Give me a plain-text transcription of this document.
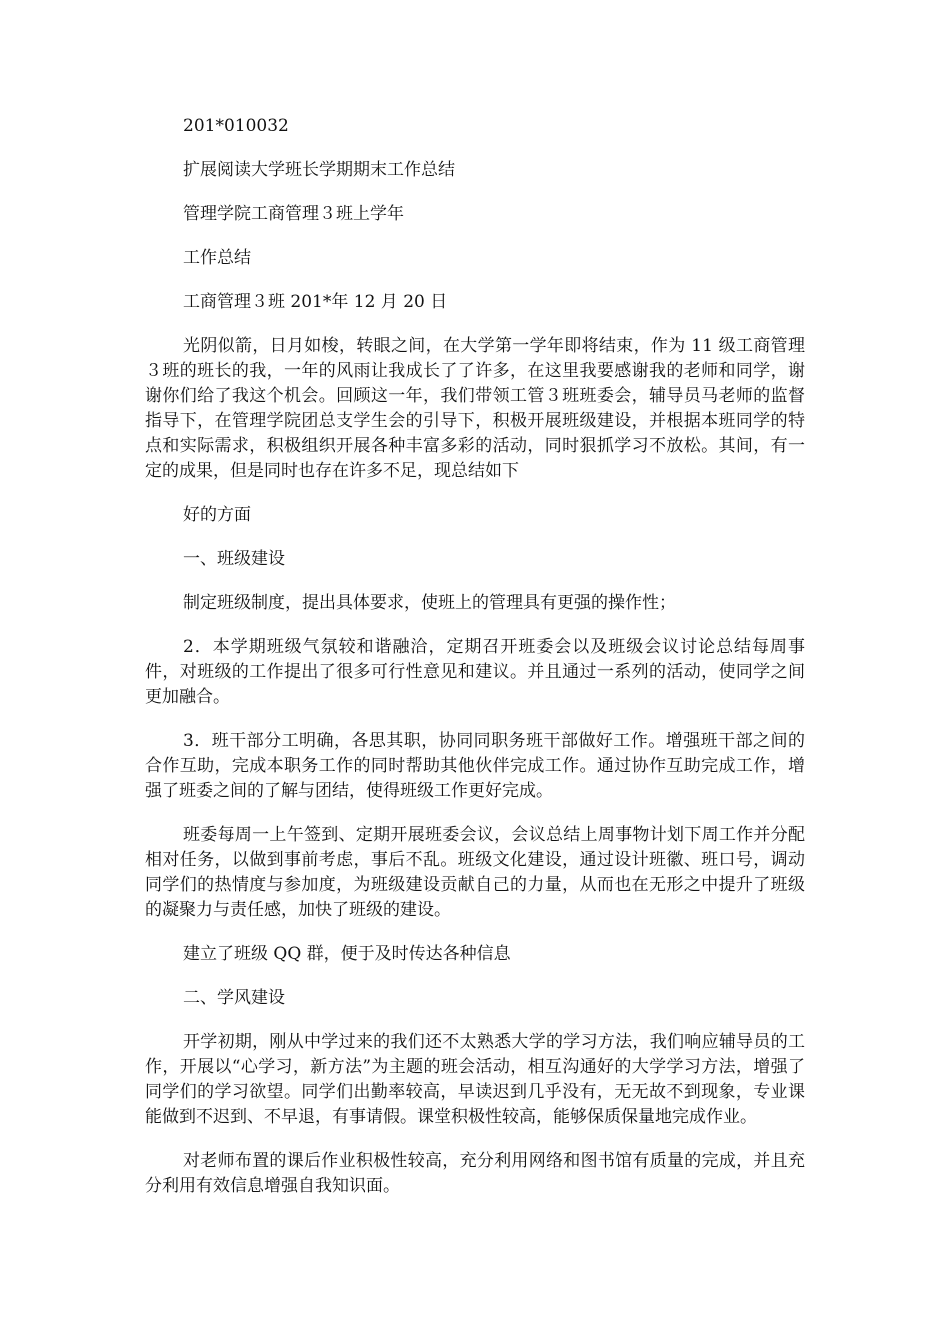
201*010032

扩展阅读大学班长学期期末工作总结

管理学院工商管理３班上学年

工作总结

工商管理３班 201*年 12 月 20 日

光阴似箭，日月如梭，转眼之间，在大学第一学年即将结束，作为 11 级工商管理３班的班长的我，一年的风雨让我成长了了许多，在这里我要感谢我的老师和同学，谢谢你们给了我这个机会。回顾这一年，我们带领工管３班班委会，辅导员马老师的监督指导下，在管理学院团总支学生会的引导下，积极开展班级建设，并根据本班同学的特点和实际需求，积极组织开展各种丰富多彩的活动，同时狠抓学习不放松。其间，有一定的成果，但是同时也存在许多不足，现总结如下

好的方面

一、班级建设

制定班级制度，提出具体要求，使班上的管理具有更强的操作性；

2．本学期班级气氛较和谐融洽，定期召开班委会以及班级会议讨论总结每周事件，对班级的工作提出了很多可行性意见和建议。并且通过一系列的活动，使同学之间更加融合。

3．班干部分工明确，各思其职，协同同职务班干部做好工作。增强班干部之间的合作互助，完成本职务工作的同时帮助其他伙伴完成工作。通过协作互助完成工作，增强了班委之间的了解与团结，使得班级工作更好完成。

班委每周一上午签到、定期开展班委会议，会议总结上周事物计划下周工作并分配相对任务，以做到事前考虑，事后不乱。班级文化建设，通过设计班徽、班口号，调动同学们的热情度与参加度，为班级建设贡献自己的力量，从而也在无形之中提升了班级的凝聚力与责任感，加快了班级的建设。

建立了班级 QQ 群，便于及时传达各种信息

二、学风建设

开学初期，刚从中学过来的我们还不太熟悉大学的学习方法，我们响应辅导员的工作，开展以“心学习，新方法”为主题的班会活动，相互沟通好的大学学习方法，增强了同学们的学习欲望。同学们出勤率较高，早读迟到几乎没有，无无故不到现象，专业课能做到不迟到、不早退，有事请假。课堂积极性较高，能够保质保量地完成作业。

对老师布置的课后作业积极性较高，充分利用网络和图书馆有质量的完成，并且充分利用有效信息增强自我知识面。
